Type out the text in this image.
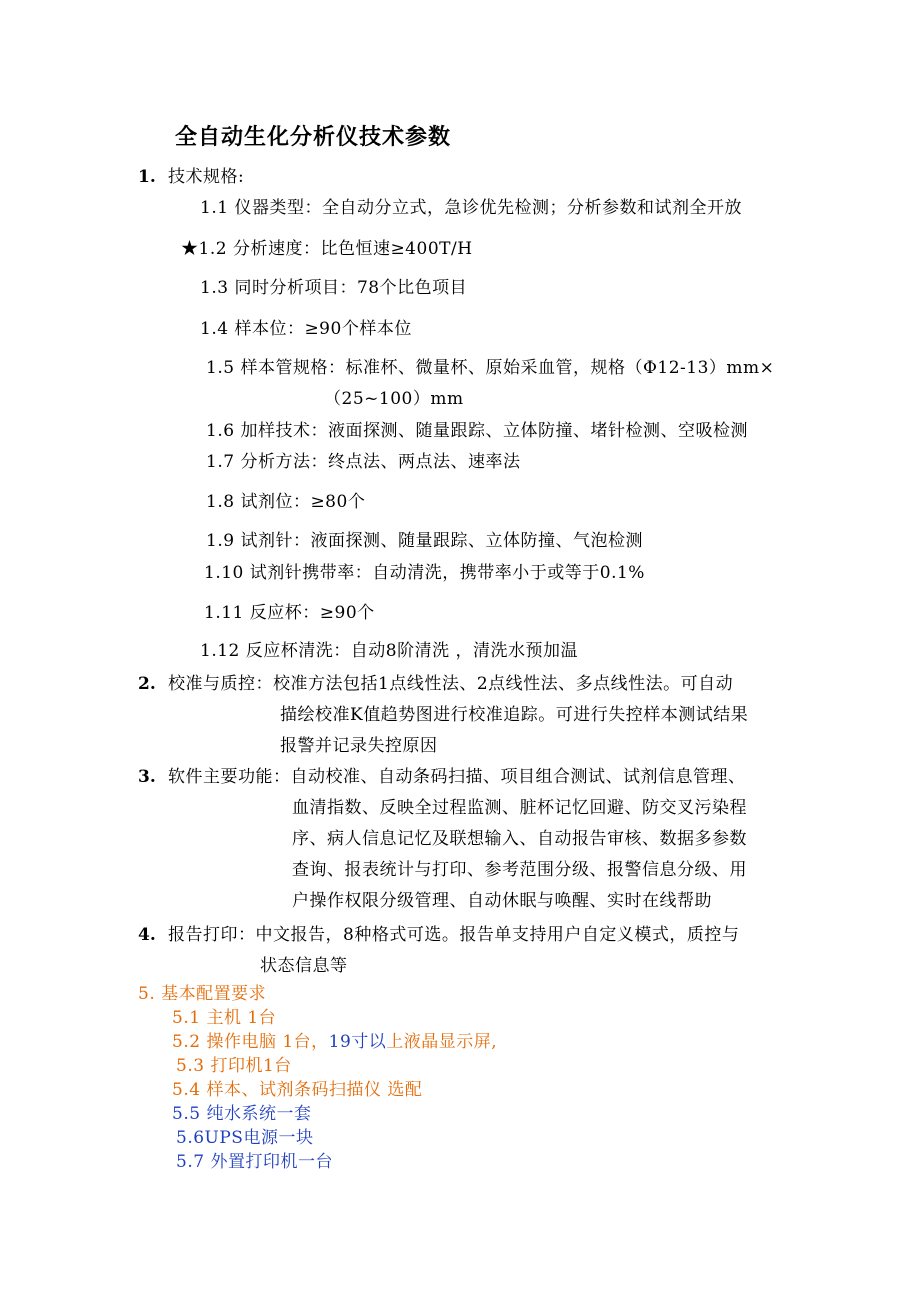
全自动生化分析仪技术参数
1. 技术规格:
1.1 仪器类型：全自动分立式，急诊优先检测；分析参数和试剂全开放
★1.2 分析速度：比色恒速≥400T/H
1.3 同时分析项目：78个比色项目
1.4 样本位：≥90个样本位
1.5 样本管规格：标准杯、微量杯、原始采血管，规格（Φ12-13）mm×
（25~100）mm
1.6 加样技术：液面探测、随量跟踪、立体防撞、堵针检测、空吸检测
1.7 分析方法：终点法、两点法、速率法
1.8 试剂位：≥80个
1.9 试剂针：液面探测、随量跟踪、立体防撞、气泡检测
1.10 试剂针携带率：自动清洗，携带率小于或等于0.1%
1.11 反应杯：≥90个
1.12 反应杯清洗：自动8阶清洗 ，清洗水预加温
2. 校准与质控：校准方法包括1点线性法、2点线性法、多点线性法。可自动
描绘校准K值趋势图进行校准追踪。可进行失控样本测试结果
报警并记录失控原因
3. 软件主要功能：自动校准、自动条码扫描、项目组合测试、试剂信息管理、
血清指数、反映全过程监测、脏杯记忆回避、防交叉污染程
序、病人信息记忆及联想输入、自动报告审核、数据多参数
查询、报表统计与打印、参考范围分级、报警信息分级、用
户操作权限分级管理、自动休眠与唤醒、实时在线帮助
4. 报告打印：中文报告，8种格式可选。报告单支持用户自定义模式，质控与
状态信息等
5. 基本配置要求
5.1 主机 1台
5.2 操作电脑 1台，19寸以上液晶显示屏,
5.3 打印机1台
5.4 样本、试剂条码扫描仪 选配
5.5 纯水系统一套
5.6UPS电源一块
5.7 外置打印机一台
